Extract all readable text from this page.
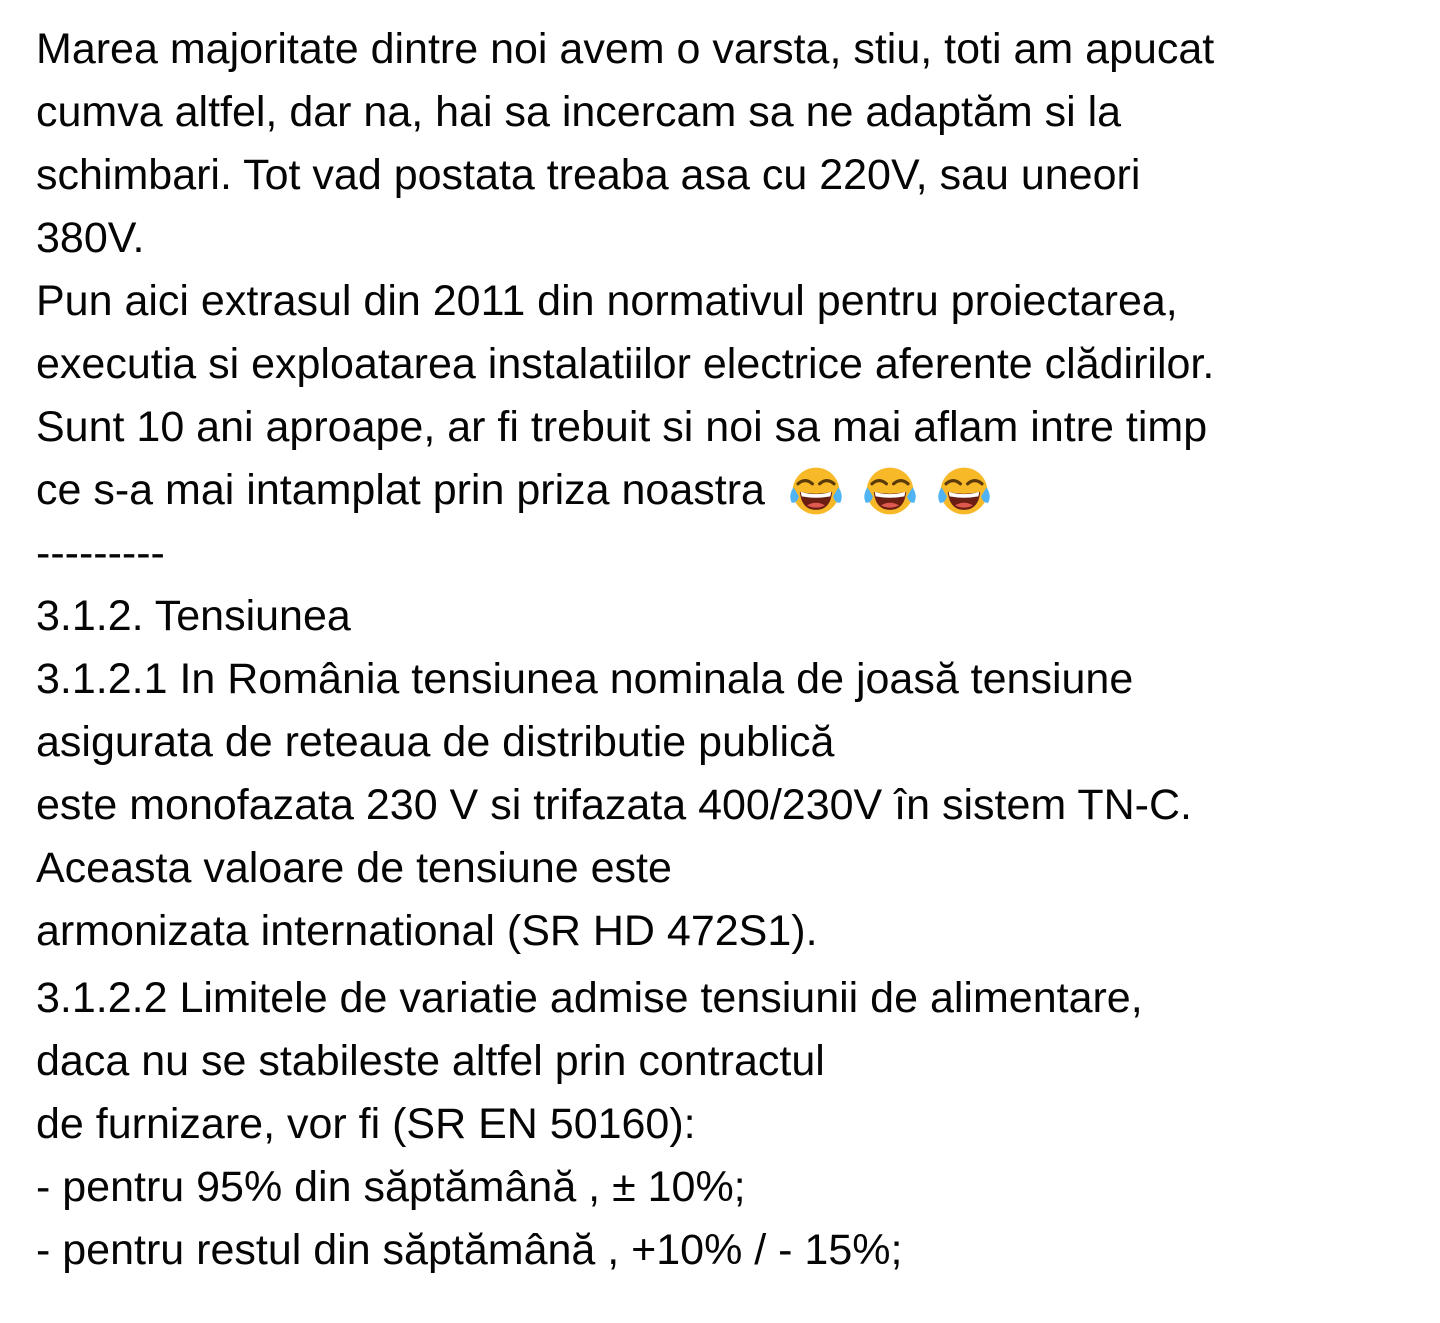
Marea majoritate dintre noi avem o varsta, stiu, toti am apucat
cumva altfel, dar na, hai sa incercam sa ne adaptăm si la
schimbari. Tot vad postata treaba asa cu 220V, sau uneori
380V.
Pun aici extrasul din 2011 din normativul pentru proiectarea,
executia si exploatarea instalatiilor electrice aferente clădirilor.
Sunt 10 ani aproape, ar fi trebuit si noi sa mai aflam intre timp
ce s-a mai intamplat prin priza noastra
---------
3.1.2. Tensiunea
3.1.2.1 In România tensiunea nominala de joasă tensiune
asigurata de reteaua de distributie publică
este monofazata 230 V si trifazata 400/230V în sistem TN-C.
Aceasta valoare de tensiune este
armonizata international (SR HD 472S1).
3.1.2.2 Limitele de variatie admise tensiunii de alimentare,
daca nu se stabileste altfel prin contractul
de furnizare, vor fi (SR EN 50160):
- pentru 95% din săptămână , ± 10%;
- pentru restul din săptămână , +10% / - 15%;
